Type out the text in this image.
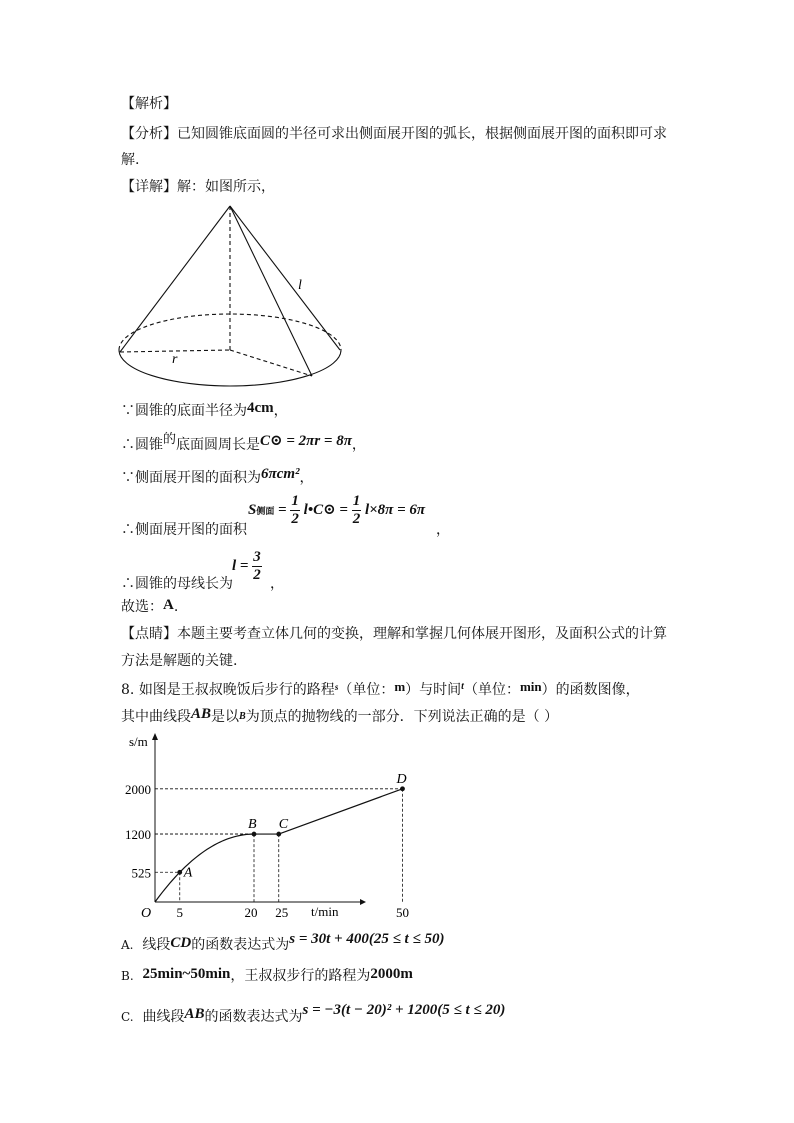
【解析】
【分析】已知圆锥底面圆的半径可求出侧面展开图的弧长，根据侧面展开图的面积即可求
解.
【详解】解：如图所示，
l
r
∵圆锥的底面半径为4cm，
∴圆锥的底面圆周长是C⊙ = 2πr = 8π，
∵侧面展开图的面积为6πcm²，
∴侧面展开图的面积
S侧面 = $\frac{1}{2}$ l•C⊙ = $\frac{1}{2} l\times 8\pi = 6\pi$
，
∴圆锥的母线长为
$l = \frac{3}{2}$ ，
故选：A.
【点睛】本题主要考查立体几何的变换，理解和掌握几何体展开图形，及面积公式的计算
方法是解题的关键.
8. 如图是王叔叔晚饭后步行的路程$^s$（单位：m）与时间$^t$（单位：min）的函数图像，
其中曲线段AB是以B为顶点的抛物线的一部分．下列说法正确的是（ ）
s/m
t/min
O
525
1200
2000
5	20 25	50
A
B C
D
A. 线段CD的函数表达式为s = 30t + 400(25 ≤ t ≤ 50)
B. 25min~50min，王叔叔步行的路程为2000m
C. 曲线段AB的函数表达式为s = −3(t − 20)² + 1200(5 ≤ t ≤ 20)
